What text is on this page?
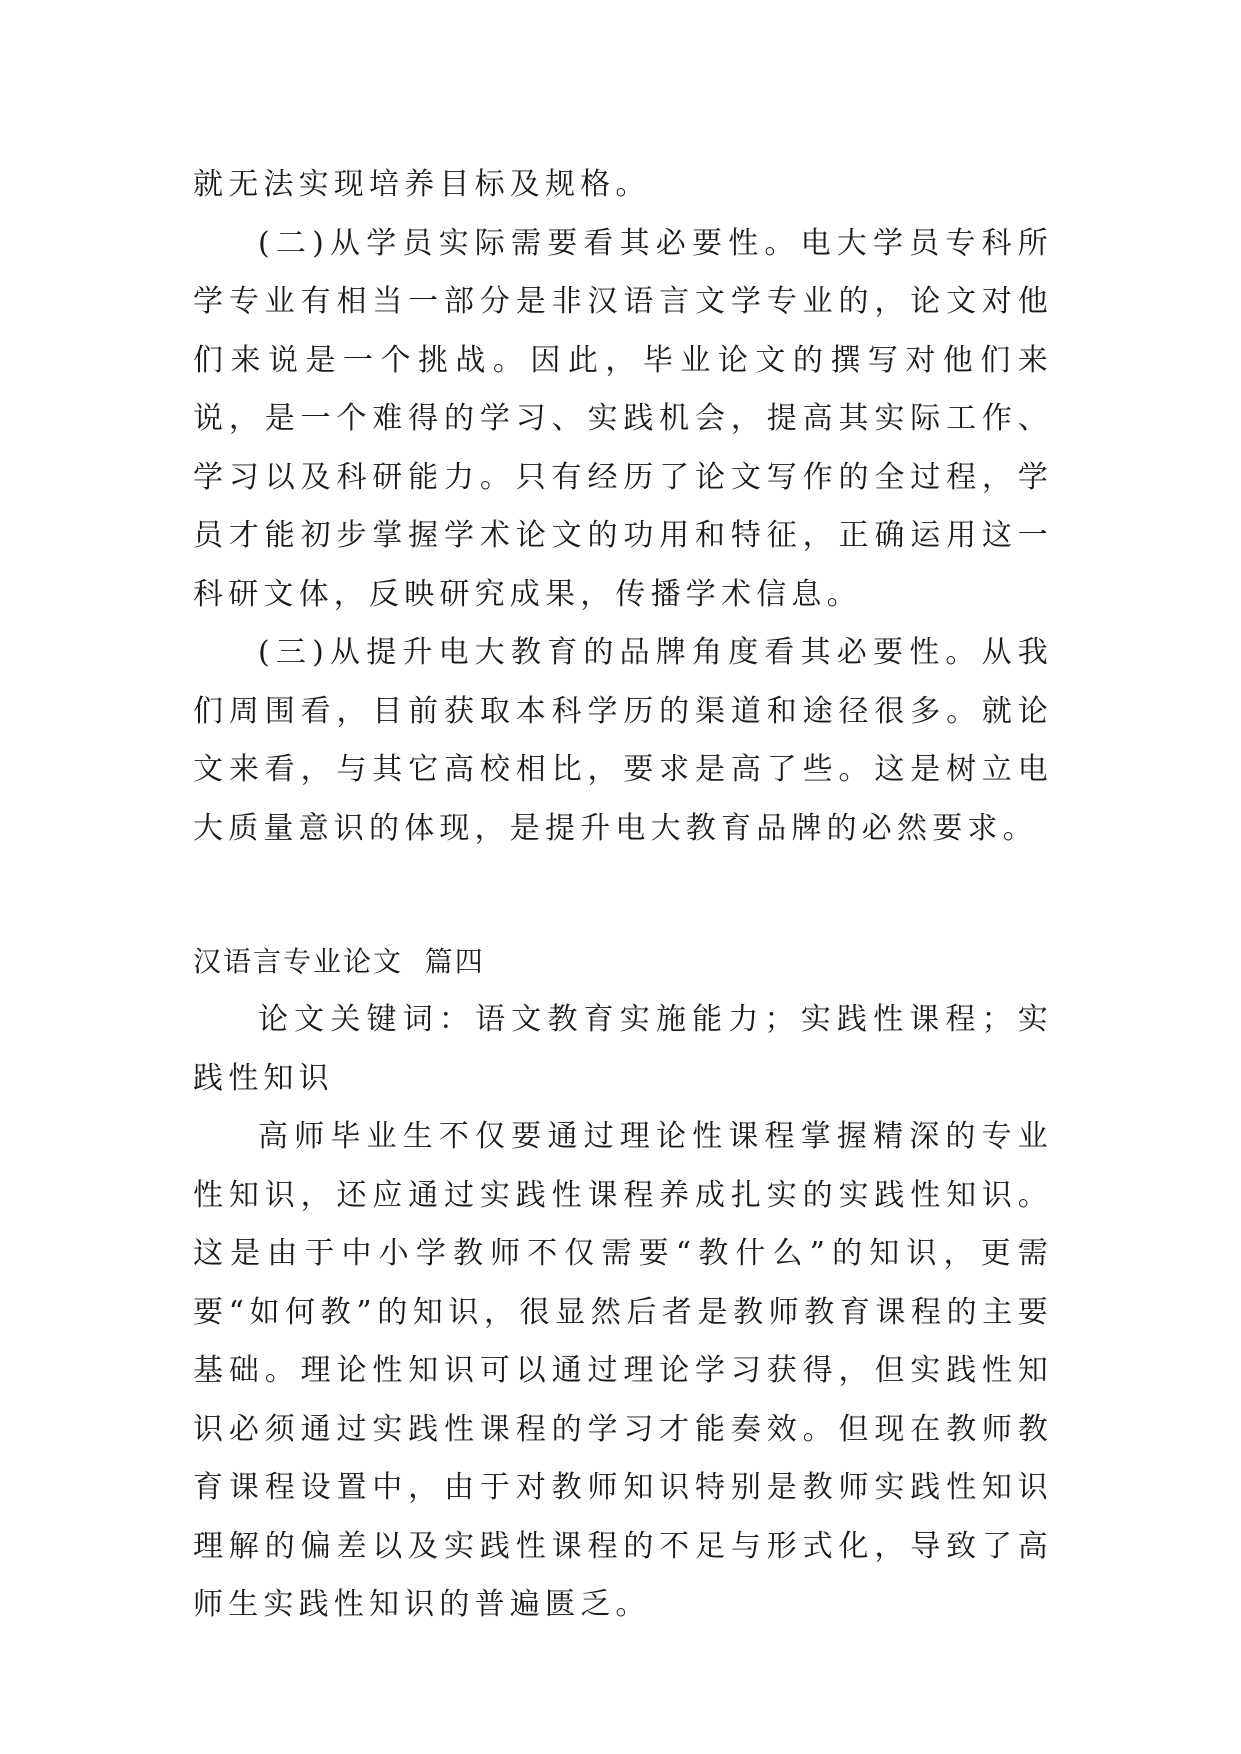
就无法实现培养目标及规格。

(二)从学员实际需要看其必要性。电大学员专科所学专业有相当一部分是非汉语言文学专业的，论文对他们来说是一个挑战。因此，毕业论文的撰写对他们来说，是一个难得的学习、实践机会，提高其实际工作、学习以及科研能力。只有经历了论文写作的全过程，学员才能初步掌握学术论文的功用和特征，正确运用这一科研文体，反映研究成果，传播学术信息。

(三)从提升电大教育的品牌角度看其必要性。从我们周围看，目前获取本科学历的渠道和途径很多。就论文来看，与其它高校相比，要求是高了些。这是树立电大质量意识的体现，是提升电大教育品牌的必然要求。

汉语言专业论文  篇四

论文关键词：语文教育实施能力；实践性课程；实践性知识

高师毕业生不仅要通过理论性课程掌握精深的专业性知识，还应通过实践性课程养成扎实的实践性知识。这是由于中小学教师不仅需要“教什么”的知识，更需要“如何教”的知识，很显然后者是教师教育课程的主要基础。理论性知识可以通过理论学习获得，但实践性知识必须通过实践性课程的学习才能奏效。但现在教师教育课程设置中，由于对教师知识特别是教师实践性知识理解的偏差以及实践性课程的不足与形式化，导致了高师生实践性知识的普遍匮乏。
